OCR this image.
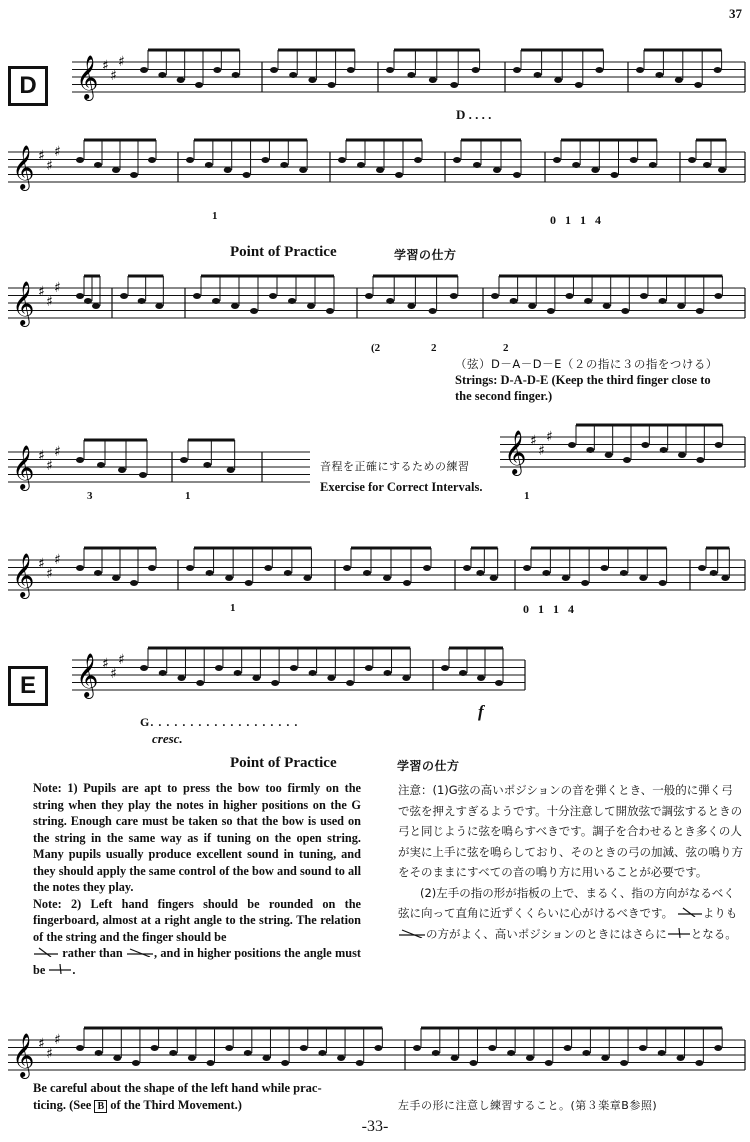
𝄞 ♯
♯
♯
𝄞 ♯
♯
♯
𝄞 ♯
♯
♯
𝄞 ♯
♯
♯	𝄞 ♯
♯
♯
𝄞 ♯
♯
♯
𝄞 ♯
♯
♯
𝄞 ♯
♯
♯
37
D
D . . . .
0 1 1 4
1
Point of Practice	学習の仕方
(2	2	2
（弦）D－A－D－E（２の指に３の指をつける）
Strings: D-A-D-E (Keep the third finger close to
the second finger.)
音程を正確にするための練習
Exercise for Correct Intervals.
3	1	1
0 1 1 4
1
E
G. . . . . . . . . . . . . . . . . . .
cresc.
f
Point of Practice	学習の仕方
Note: 1) Pupils are apt to press the bow too firmly on the string when they play the notes in higher positions on the G string. Enough care must be taken so that the bow is used on the string in the same way as if tuning on the open string. Many pupils usually produce excellent sound in tuning, and they should apply the same control of the bow and sound to all the notes they play.
Note: 2) Left hand fingers should be rounded on the fingerboard, almost at a right angle to the string. The relation of the string and the finger should be
rather than	, and in higher positions the angle must be .
注意：(1)G弦の高いポジションの音を弾くとき、一般的に弾く弓で弦を押えすぎるようです。十分注意して開放弦で調弦するときの弓と同じように弦を鳴らすべきです。調子を合わせるとき多くの人が実に上手に弦を鳴らしており、そのときの弓の加減、弦の鳴り方をそのままにすべての音の鳴り方に用いることが必要です。
(2)左手の指の形が指板の上で、まるく、指の方向がなるべく弦に向って直角に近ずくくらいに心がけるべきです。	よりもの方がよく、高いポジションのときにはさらに となる。
Be careful about the shape of the left hand while prac-
ticing. (See B of the Third Movement.)	左手の形に注意し練習すること。(第３楽章B参照)
-33-
